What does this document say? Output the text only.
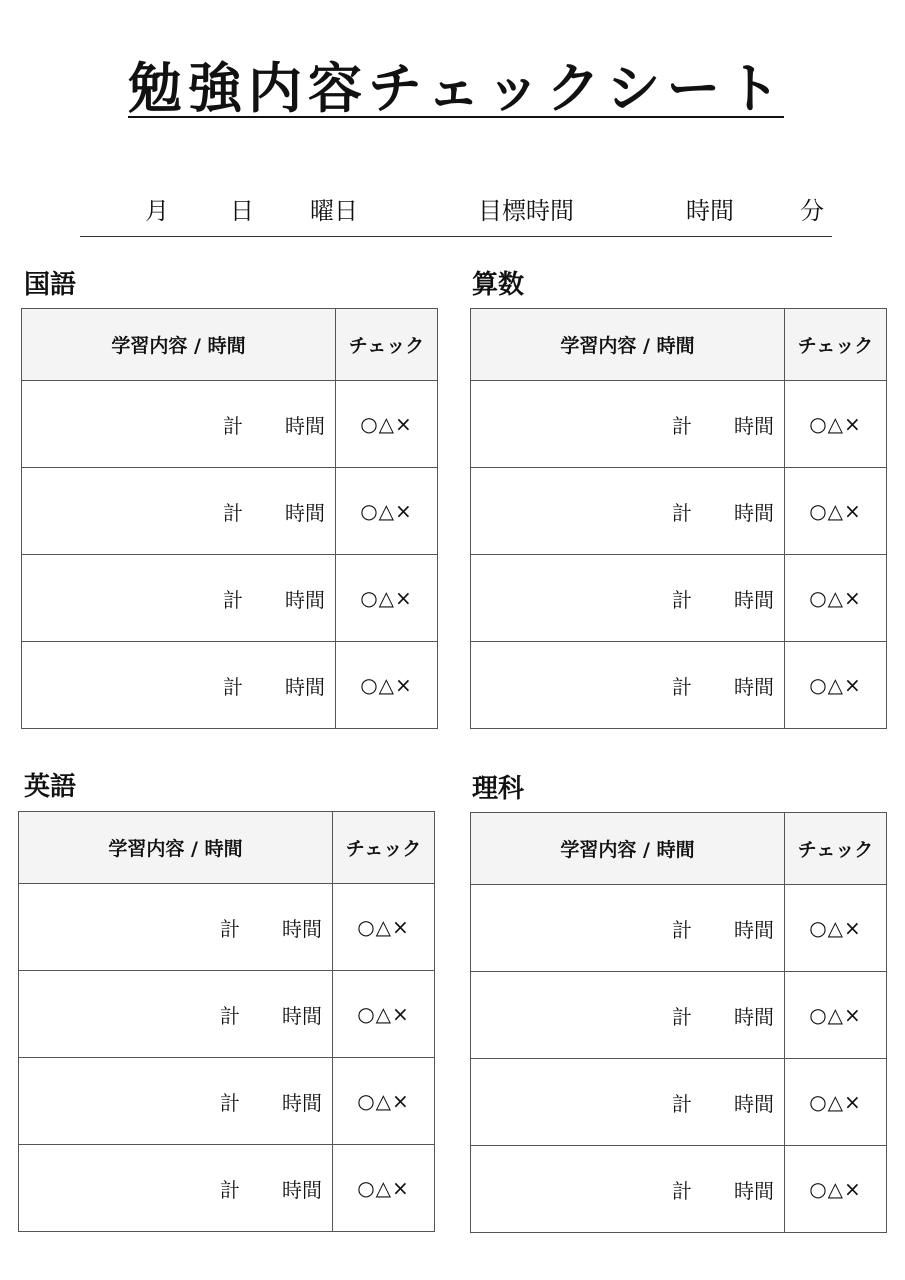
勉強内容チェックシート
月	日 曜日	目標時間	時間	分
国語
学習内容 / 時間	チェック
計 時間	○△×
計 時間	○△×
計 時間	○△×
計 時間	○△×
算数
学習内容 / 時間	チェック
計 時間	○△×
計 時間	○△×
計 時間	○△×
計 時間	○△×
英語
学習内容 / 時間	チェック
計 時間	○△×
計 時間	○△×
計 時間	○△×
計 時間	○△×
理科
学習内容 / 時間	チェック
計 時間	○△×
計 時間	○△×
計 時間	○△×
計 時間	○△×
